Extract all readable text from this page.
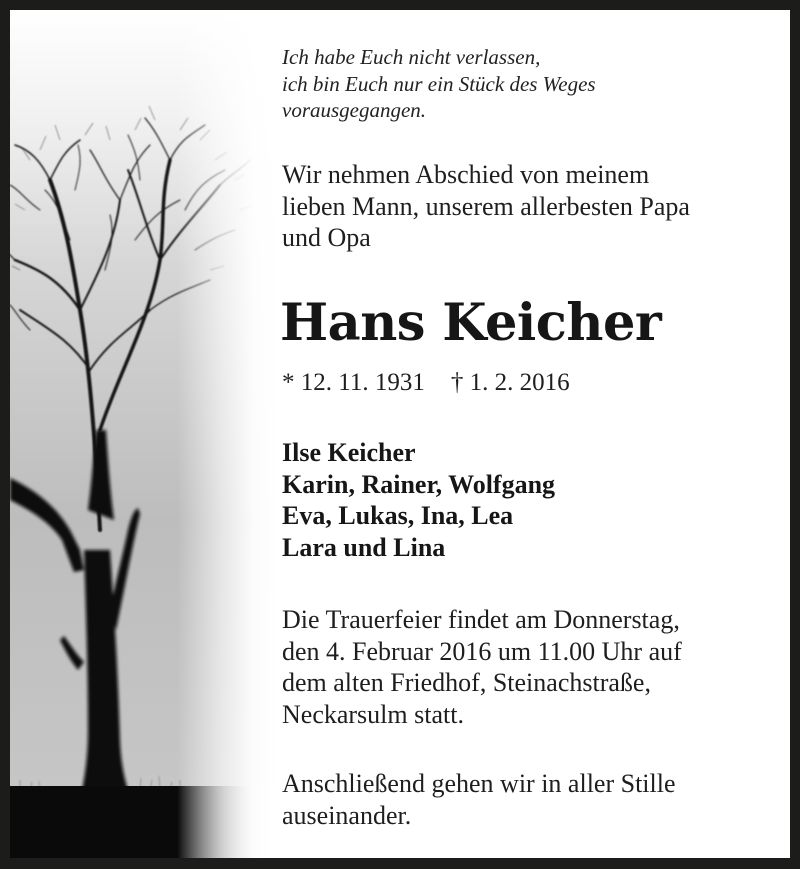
Ich habe Euch nicht verlassen,
ich bin Euch nur ein Stück des Weges
vorausgegangen.
Wir nehmen Abschied von meinem
lieben Mann, unserem allerbesten Papa
und Opa
Hans Keicher
* 12. 11. 1931 † 1. 2. 2016
Ilse Keicher
Karin, Rainer, Wolfgang
Eva, Lukas, Ina, Lea
Lara und Lina
Die Trauerfeier findet am Donnerstag,
den 4. Februar 2016 um 11.00 Uhr auf
dem alten Friedhof, Steinachstraße,
Neckarsulm statt.
Anschließend gehen wir in aller Stille
auseinander.
